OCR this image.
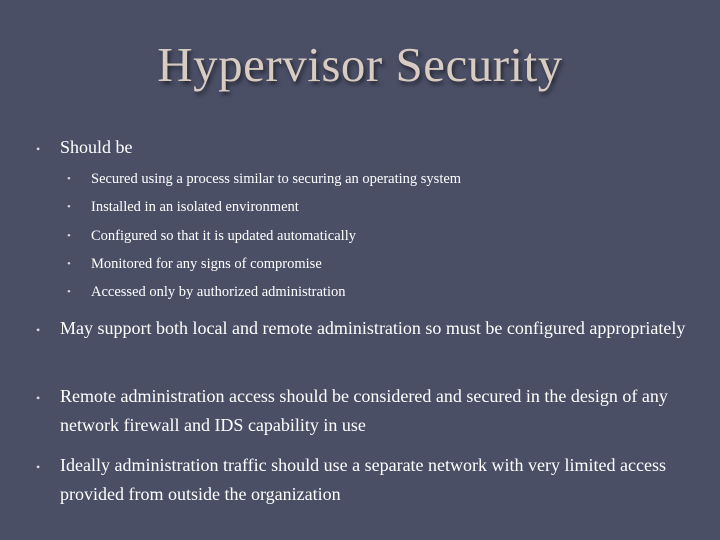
Hypervisor Security
• Should be
• Secured using a process similar to securing an operating system
• Installed in an isolated environment
• Configured so that it is updated automatically
• Monitored for any signs of compromise
• Accessed only by authorized administration
• May support both local and remote administration so must be configured appropriately
• Remote administration access should be considered and secured in the design of any network firewall and IDS capability in use
• Ideally administration traffic should use a separate network with very limited access provided from outside the organization
